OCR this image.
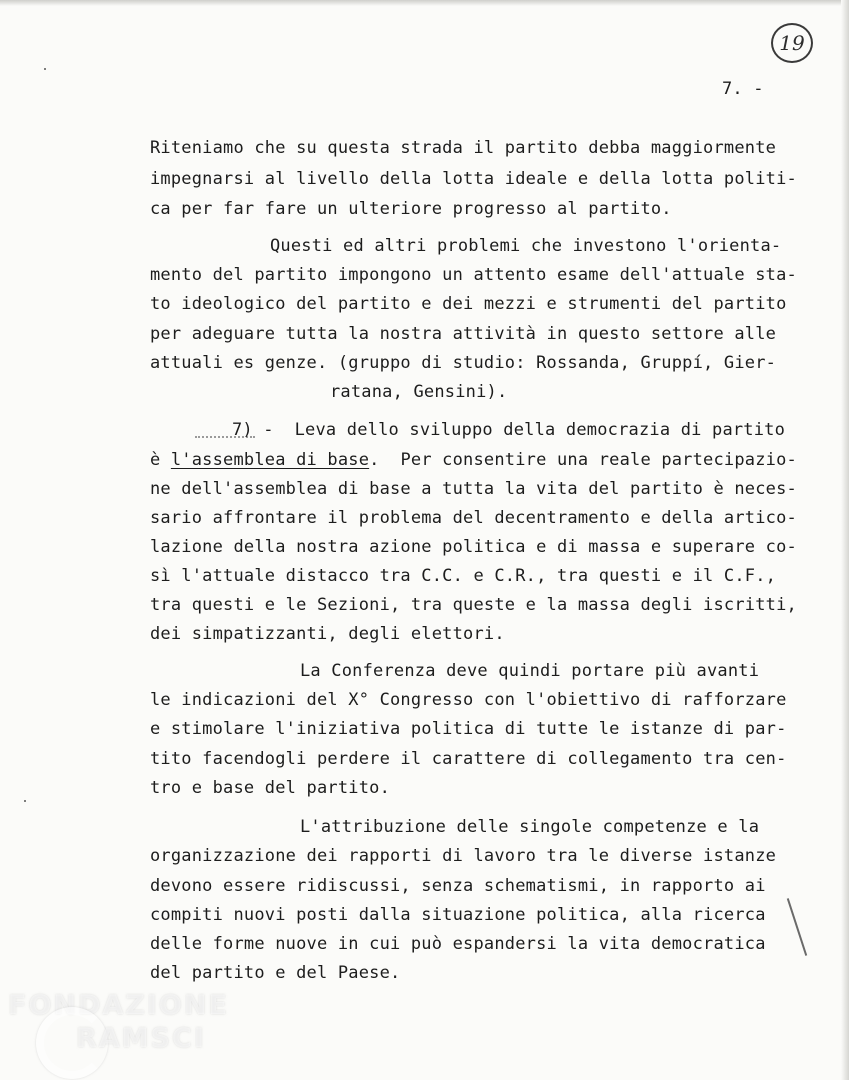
19
7. -
Riteniamo che su questa strada il partito debba maggiormente
impegnarsi al livello della lotta ideale e della lotta politi-
ca per far fare un ulteriore progresso al partito.
Questi ed altri problemi che investono l'orienta-
mento del partito impongono un attento esame dell'attuale sta-
to ideologico del partito e dei mezzi e strumenti del partito
per adeguare tutta la nostra attività in questo settore alle
attuali es genze. (gruppo di studio: Rossanda, Gruppí, Gier-
ratana, Gensini).
7) -  Leva dello sviluppo della democrazia di partito
è l'assemblea di base.  Per consentire una reale partecipazio-
ne dell'assemblea di base a tutta la vita del partito è neces-
sario affrontare il problema del decentramento e della artico-
lazione della nostra azione politica e di massa e superare co-
sì l'attuale distacco tra C.C. e C.R., tra questi e il C.F.,
tra questi e le Sezioni, tra queste e la massa degli iscritti,
dei simpatizzanti, degli elettori.
La Conferenza deve quindi portare più avanti
le indicazioni del X° Congresso con l'obiettivo di rafforzare
e stimolare l'iniziativa politica di tutte le istanze di par-
tito facendogli perdere il carattere di collegamento tra cen-
tro e base del partito.
L'attribuzione delle singole competenze e la
organizzazione dei rapporti di lavoro tra le diverse istanze
devono essere ridiscussi, senza schematismi, in rapporto ai
compiti nuovi posti dalla situazione politica, alla ricerca
delle forme nuove in cui può espandersi la vita democratica
del partito e del Paese.
FONDAZIONE
RAMSCI
